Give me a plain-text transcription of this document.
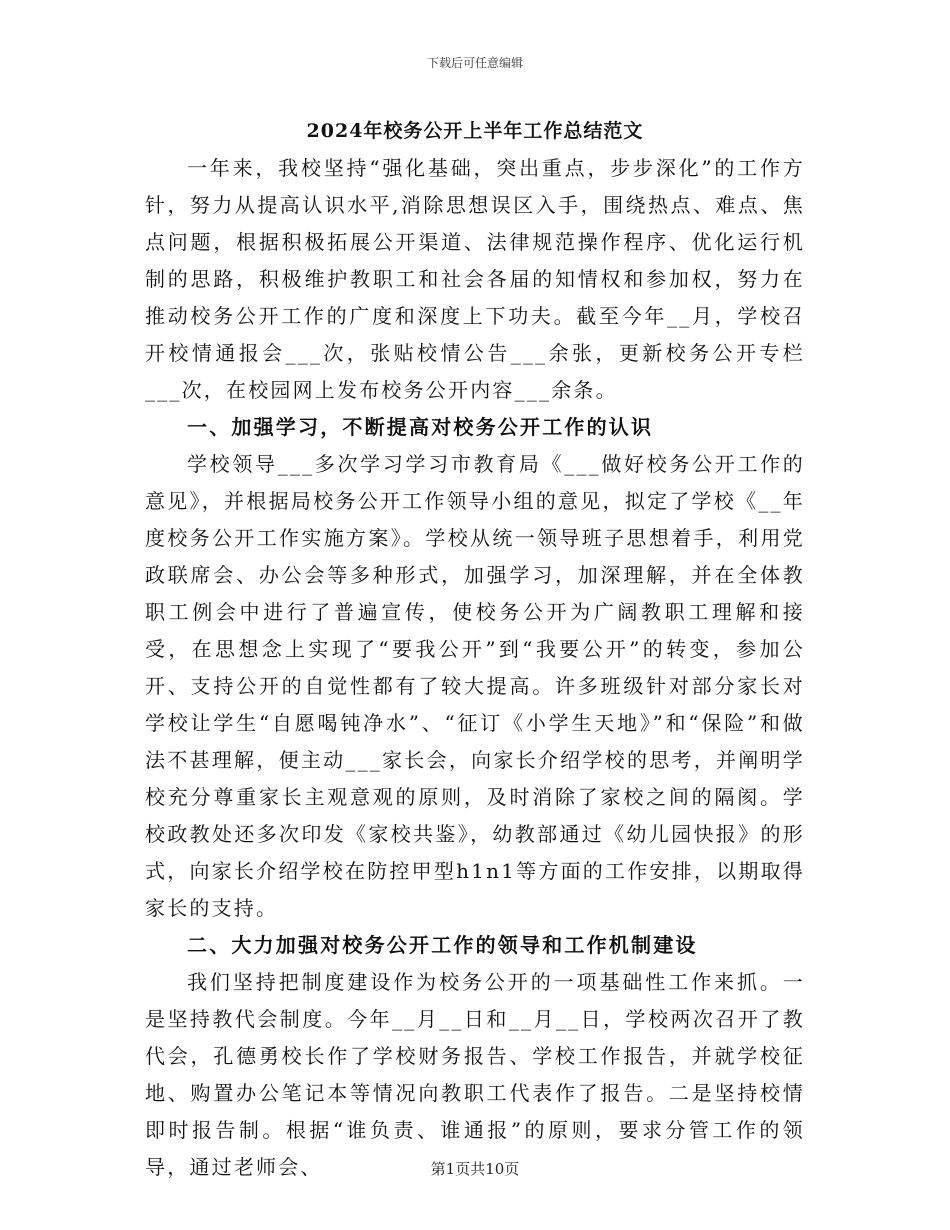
下载后可任意编辑
2024年校务公开上半年工作总结范文

一年来，我校坚持“强化基础，突出重点，步步深化”的工作方针，努力从提高认识水平,消除思想误区入手，围绕热点、难点、焦点问题，根据积极拓展公开渠道、法律规范操作程序、优化运行机制的思路，积极维护教职工和社会各届的知情权和参加权，努力在推动校务公开工作的广度和深度上下功夫。截至今年__月，学校召开校情通报会___次，张贴校情公告___余张，更新校务公开专栏___次，在校园网上发布校务公开内容___余条。

一、加强学习，不断提高对校务公开工作的认识

学校领导___多次学习学习市教育局《___做好校务公开工作的意见》，并根据局校务公开工作领导小组的意见，拟定了学校《__年度校务公开工作实施方案》。学校从统一领导班子思想着手，利用党政联席会、办公会等多种形式，加强学习，加深理解，并在全体教职工例会中进行了普遍宣传，使校务公开为广阔教职工理解和接受，在思想念上实现了“要我公开”到“我要公开”的转变，参加公开、支持公开的自觉性都有了较大提高。许多班级针对部分家长对学校让学生“自愿喝钝净水”、“征订《小学生天地》”和“保险”和做法不甚理解，便主动___家长会，向家长介绍学校的思考，并阐明学校充分尊重家长主观意观的原则，及时消除了家校之间的隔阂。学校政教处还多次印发《家校共鉴》，幼教部通过《幼儿园快报》的形式，向家长介绍学校在防控甲型h1n1等方面的工作安排，以期取得家长的支持。

二、大力加强对校务公开工作的领导和工作机制建设

我们坚持把制度建设作为校务公开的一项基础性工作来抓。一是坚持教代会制度。今年__月__日和__月__日，学校两次召开了教代会，孔德勇校长作了学校财务报告、学校工作报告，并就学校征地、购置办公笔记本等情况向教职工代表作了报告。二是坚持校情即时报告制。根据“谁负责、谁通报”的原则，要求分管工作的领导，通过老师会、	第1页共10页
